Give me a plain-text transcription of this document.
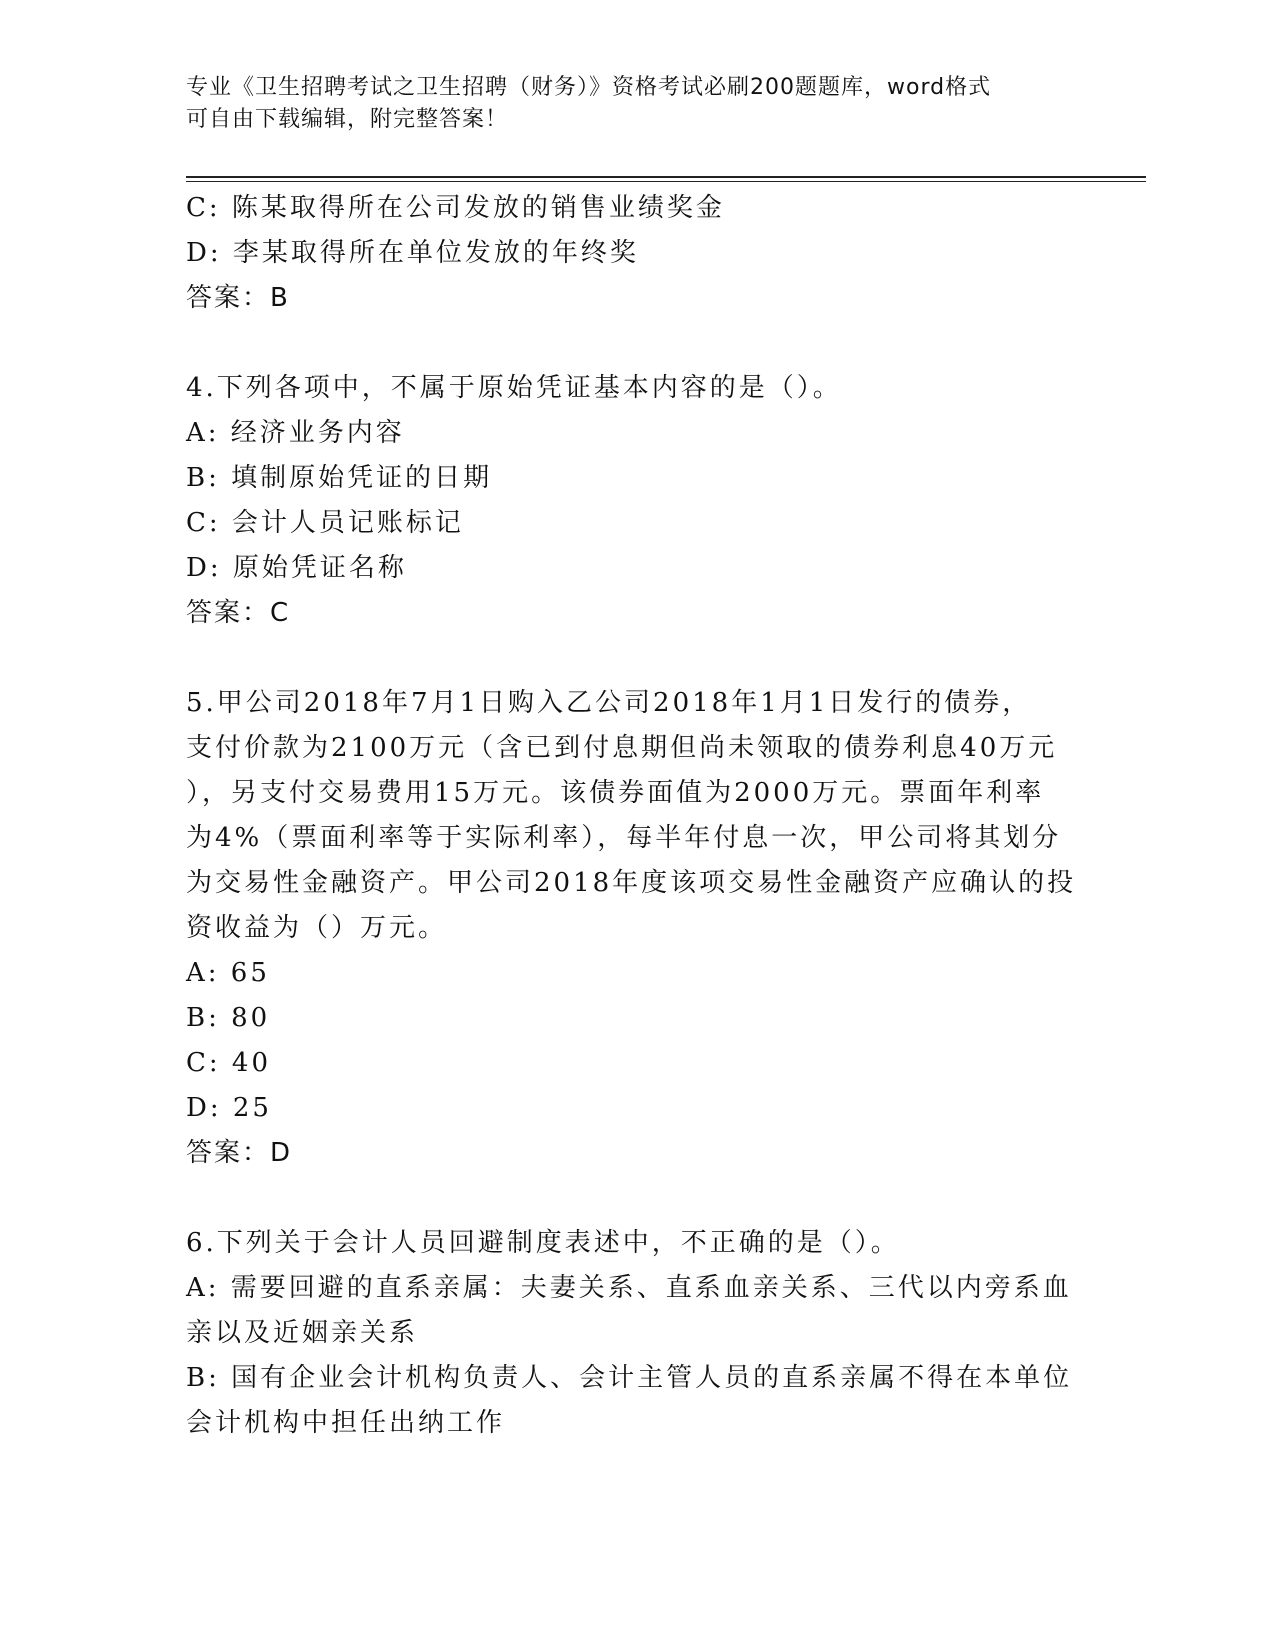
专业《卫生招聘考试之卫生招聘（财务）》资格考试必刷200题题库，word格式
可自由下载编辑，附完整答案！
C: 陈某取得所在公司发放的销售业绩奖金
D: 李某取得所在单位发放的年终奖
答案：B
4.下列各项中，不属于原始凭证基本内容的是（）。
A: 经济业务内容
B: 填制原始凭证的日期
C: 会计人员记账标记
D: 原始凭证名称
答案：C
5.甲公司2018年7月1日购入乙公司2018年1月1日发行的债券，
支付价款为2100万元（含已到付息期但尚未领取的债券利息40万元
），另支付交易费用15万元。该债券面值为2000万元。票面年利率
为4%（票面利率等于实际利率），每半年付息一次，甲公司将其划分
为交易性金融资产。甲公司2018年度该项交易性金融资产应确认的投
资收益为（）万元。
A: 65
B: 80
C: 40
D: 25
答案：D
6.下列关于会计人员回避制度表述中，不正确的是（）。
A: 需要回避的直系亲属：夫妻关系、直系血亲关系、三代以内旁系血
亲以及近姻亲关系
B: 国有企业会计机构负责人、会计主管人员的直系亲属不得在本单位
会计机构中担任出纳工作
